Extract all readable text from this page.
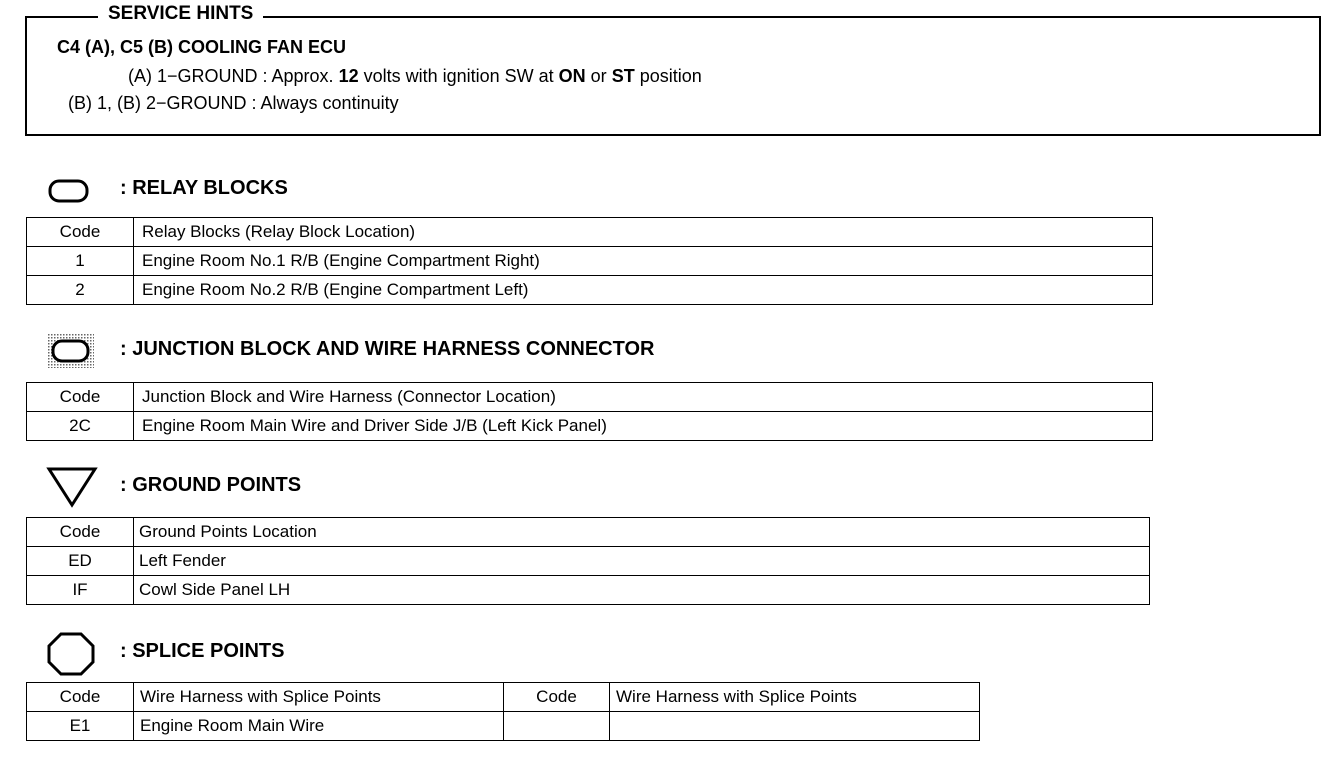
SERVICE HINTS
C4 (A), C5 (B) COOLING FAN ECU
(A) 1−GROUND : Approx. 12 volts with ignition SW at ON or ST position
(B) 1, (B) 2−GROUND : Always continuity
: RELAY BLOCKS
Code	Relay Blocks (Relay Block Location)
1	Engine Room No.1 R/B (Engine Compartment Right)
2	Engine Room No.2 R/B (Engine Compartment Left)
: JUNCTION BLOCK AND WIRE HARNESS CONNECTOR
Code	Junction Block and Wire Harness (Connector Location)
2C	Engine Room Main Wire and Driver Side J/B (Left Kick Panel)
: GROUND POINTS
Code	Ground Points Location
ED	Left Fender
IF	Cowl Side Panel LH
: SPLICE POINTS
Code	Wire Harness with Splice Points	Code	Wire Harness with Splice Points
E1	Engine Room Main Wire		
